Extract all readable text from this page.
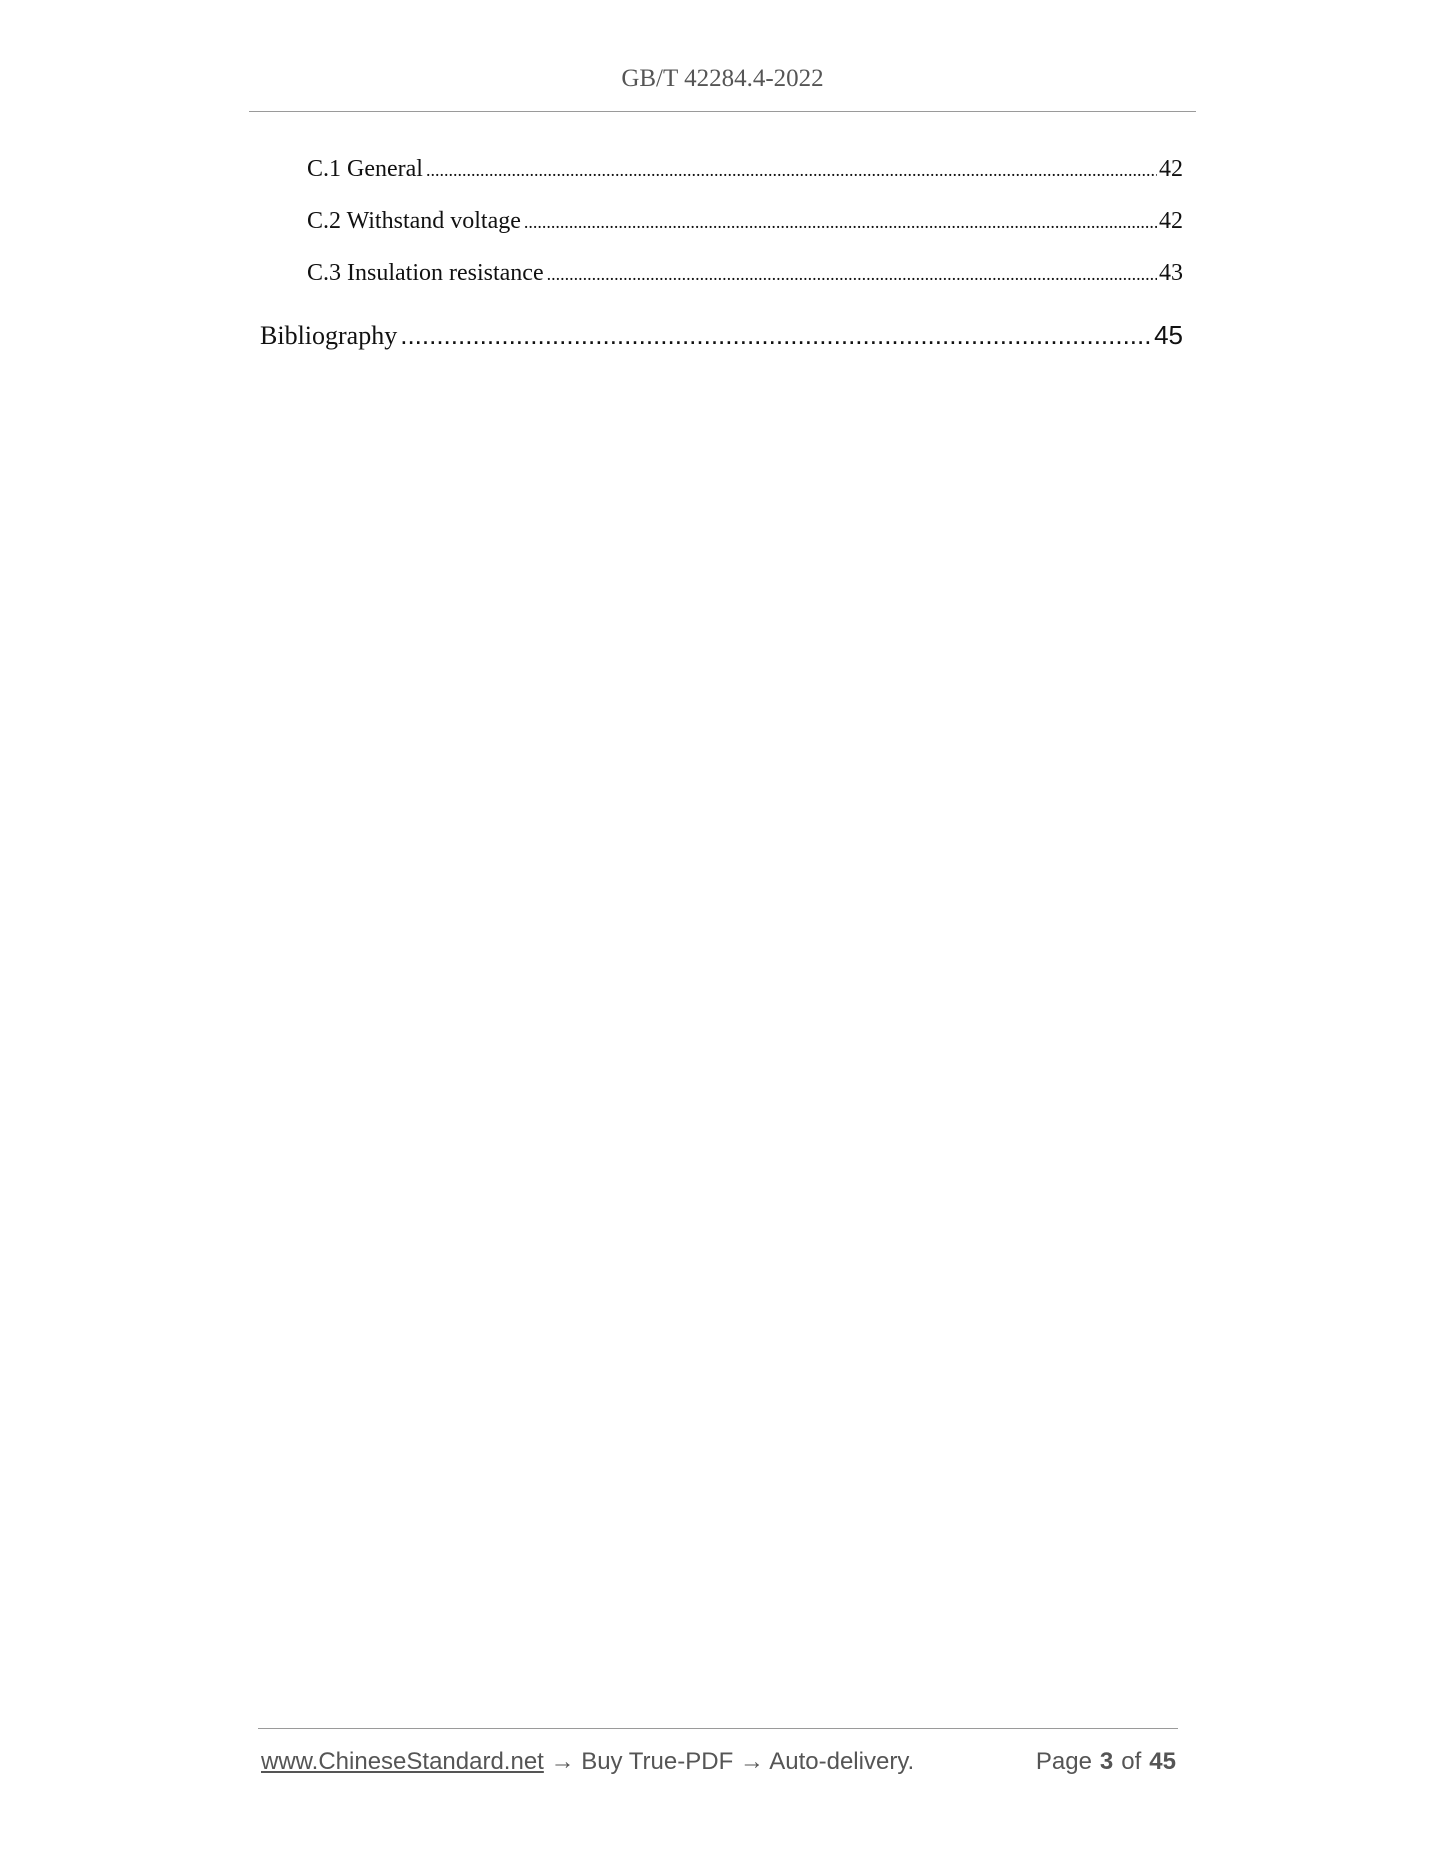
GB/T 42284.4-2022
C.1 General .....	42
C.2 Withstand voltage .....	42
C.3 Insulation resistance .....	43
Bibliography .....	45
www.ChineseStandard.net → Buy True-PDF → Auto-delivery.	Page 3 of 45
